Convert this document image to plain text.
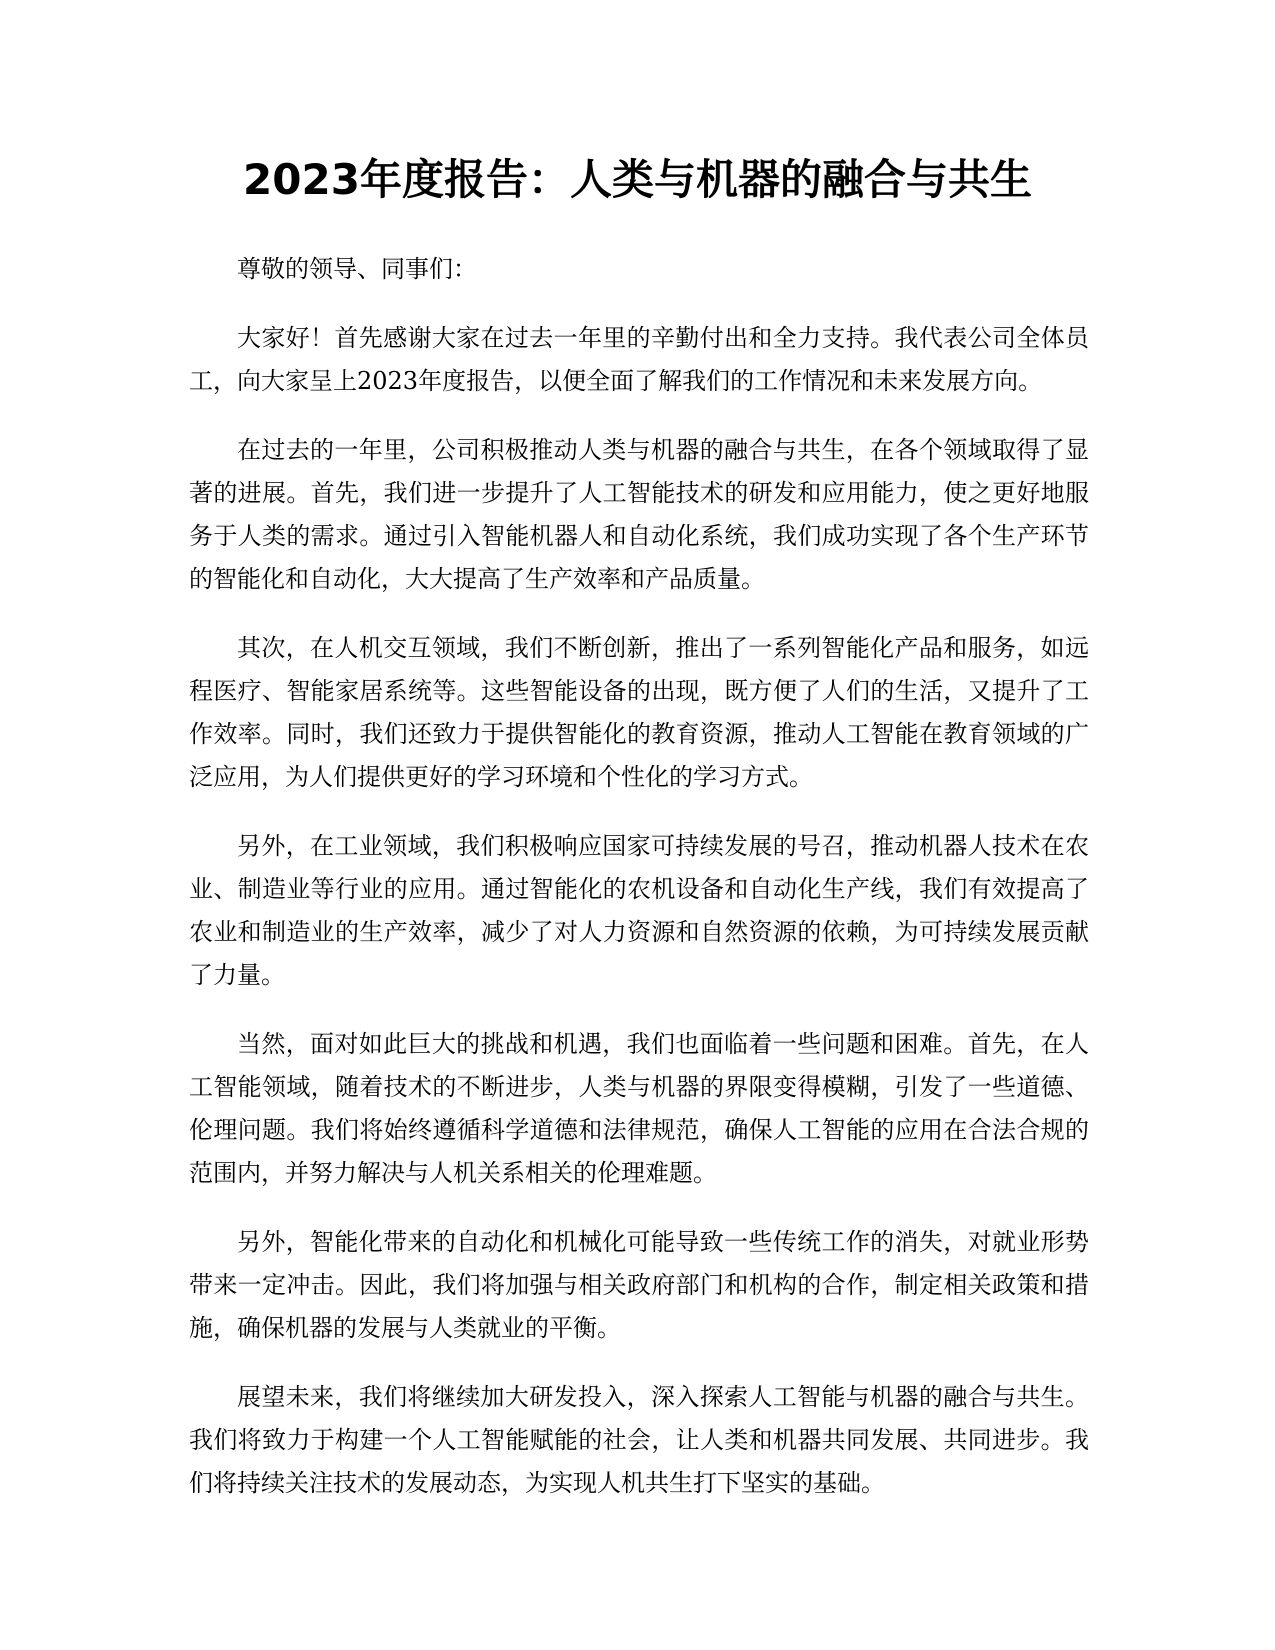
2023年度报告：人类与机器的融合与共生

尊敬的领导、同事们：

大家好！首先感谢大家在过去一年里的辛勤付出和全力支持。我代表公司全体员工，向大家呈上2023年度报告，以便全面了解我们的工作情况和未来发展方向。

在过去的一年里，公司积极推动人类与机器的融合与共生，在各个领域取得了显著的进展。首先，我们进一步提升了人工智能技术的研发和应用能力，使之更好地服务于人类的需求。通过引入智能机器人和自动化系统，我们成功实现了各个生产环节的智能化和自动化，大大提高了生产效率和产品质量。

其次，在人机交互领域，我们不断创新，推出了一系列智能化产品和服务，如远程医疗、智能家居系统等。这些智能设备的出现，既方便了人们的生活，又提升了工作效率。同时，我们还致力于提供智能化的教育资源，推动人工智能在教育领域的广泛应用，为人们提供更好的学习环境和个性化的学习方式。

另外，在工业领域，我们积极响应国家可持续发展的号召，推动机器人技术在农业、制造业等行业的应用。通过智能化的农机设备和自动化生产线，我们有效提高了农业和制造业的生产效率，减少了对人力资源和自然资源的依赖，为可持续发展贡献了力量。

当然，面对如此巨大的挑战和机遇，我们也面临着一些问题和困难。首先，在人工智能领域，随着技术的不断进步，人类与机器的界限变得模糊，引发了一些道德、伦理问题。我们将始终遵循科学道德和法律规范，确保人工智能的应用在合法合规的范围内，并努力解决与人机关系相关的伦理难题。

另外，智能化带来的自动化和机械化可能导致一些传统工作的消失，对就业形势带来一定冲击。因此，我们将加强与相关政府部门和机构的合作，制定相关政策和措施，确保机器的发展与人类就业的平衡。

展望未来，我们将继续加大研发投入，深入探索人工智能与机器的融合与共生。我们将致力于构建一个人工智能赋能的社会，让人类和机器共同发展、共同进步。我们将持续关注技术的发展动态，为实现人机共生打下坚实的基础。
